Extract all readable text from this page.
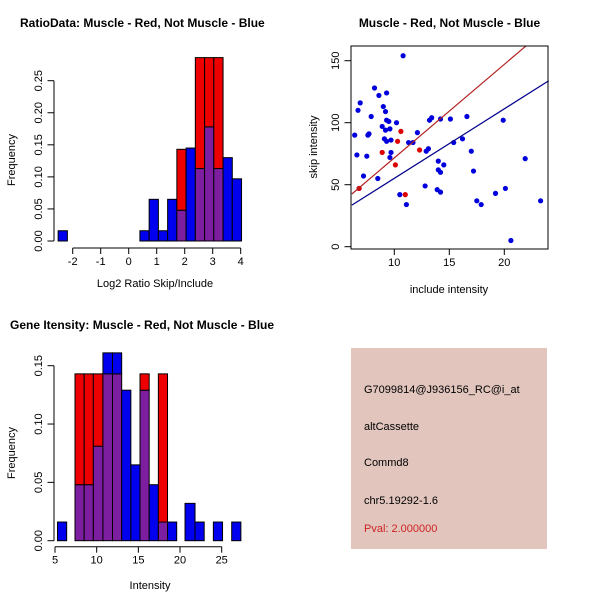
-2 -1 0 1 2 3 4
0.00
0.05
0.10
0.15
0.20
0.25
10	15	20
0
50
100
150
5	10	15	20	25
0.00
0.05
0.10
0.15
RatioData: Muscle - Red, Not Muscle - Blue	Muscle - Red, Not Muscle - Blue
Gene Itensity: Muscle - Red, Not Muscle - Blue
Log2 Ratio Skip/Include
Frequency
include intensity
skip intensity
Intensity
Frequency
G7099814@J936156_RC@i_at
altCassette
Commd8
chr5.19292-1.6
Pval: 2.000000
